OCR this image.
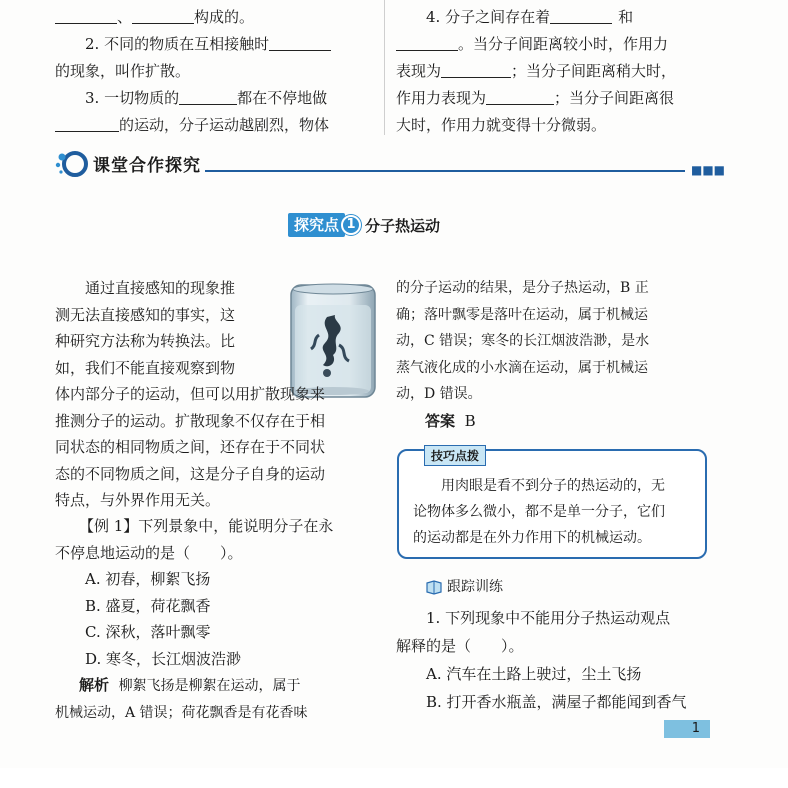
、	构成的。

2. 不同的物质在互相接触时

的现象，叫作扩散。

3. 一切物质的	都在不停地做

的运动，分子运动越剧烈，物体

4. 分子之间存在着	和

。当分子间距离较小时，作用力

表现为	；当分子间距离稍大时，

作用力表现为	；当分子间距离很

大时，作用力就变得十分微弱。

课堂合作探究	■■■
探究点 1 分子热运动

通过直接感知的现象推

测无法直接感知的事实，这

种研究方法称为转换法。比

如，我们不能直接观察到物

体内部分子的运动，但可以用扩散现象来

推测分子的运动。扩散现象不仅存在于相

同状态的相同物质之间，还存在于不同状

态的不同物质之间，这是分子自身的运动

特点，与外界作用无关。

【例 1】下列景象中，能说明分子在永

不停息地运动的是（　　）。

A. 初春，柳絮飞扬

B. 盛夏，荷花飘香

C. 深秋，落叶飘零

D. 寒冬，长江烟波浩渺

解析 柳絮飞扬是柳絮在运动，属于

机械运动，A 错误；荷花飘香是有花香味

的分子运动的结果，是分子热运动，B 正

确；落叶飘零是落叶在运动，属于机械运

动，C 错误；寒冬的长江烟波浩渺，是水

蒸气液化成的小水滴在运动，属于机械运

动，D 错误。

答案 B

技巧点拨

用肉眼是看不到分子的热运动的，无

论物体多么微小，都不是单一分子，它们

的运动都是在外力作用下的机械运动。

跟踪训练

1. 下列现象中不能用分子热运动观点

解释的是（　　）。

A. 汽车在土路上驶过，尘土飞扬

B. 打开香水瓶盖，满屋子都能闻到香气

1
